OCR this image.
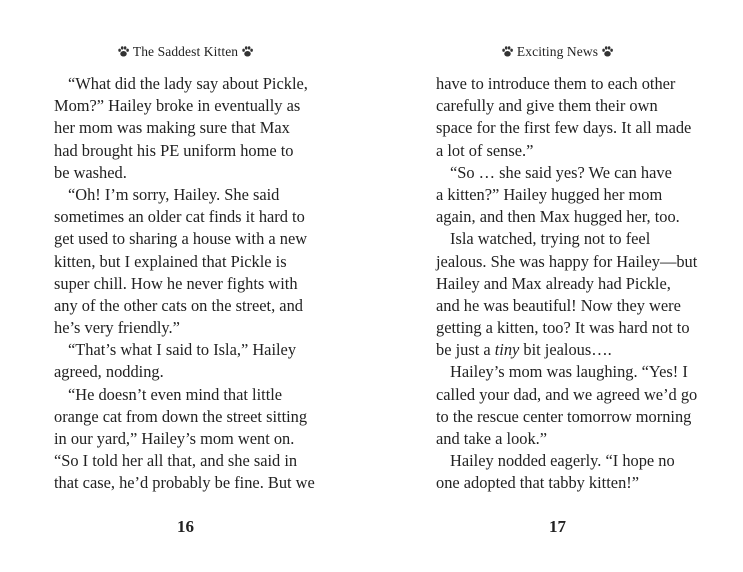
The Saddest Kitten
“What did the lady say about Pickle,
Mom?” Hailey broke in eventually as
her mom was making sure that Max
had brought his PE uniform home to
be washed.
“Oh! I’m sorry, Hailey. She said
sometimes an older cat finds it hard to
get used to sharing a house with a new
kitten, but I explained that Pickle is
super chill. How he never fights with
any of the other cats on the street, and
he’s very friendly.”
“That’s what I said to Isla,” Hailey
agreed, nodding.
“He doesn’t even mind that little
orange cat from down the street sitting
in our yard,” Hailey’s mom went on.
“So I told her all that, and she said in
that case, he’d probably be fine. But we
16
Exciting News
have to introduce them to each other
carefully and give them their own
space for the first few days. It all made
a lot of sense.”
“So … she said yes? We can have
a kitten?” Hailey hugged her mom
again, and then Max hugged her, too.
Isla watched, trying not to feel
jealous. She was happy for Hailey—but
Hailey and Max already had Pickle,
and he was beautiful! Now they were
getting a kitten, too? It was hard not to
be just a tiny bit jealous….
Hailey’s mom was laughing. “Yes! I
called your dad, and we agreed we’d go
to the rescue center tomorrow morning
and take a look.”
Hailey nodded eagerly. “I hope no
one adopted that tabby kitten!”
17
